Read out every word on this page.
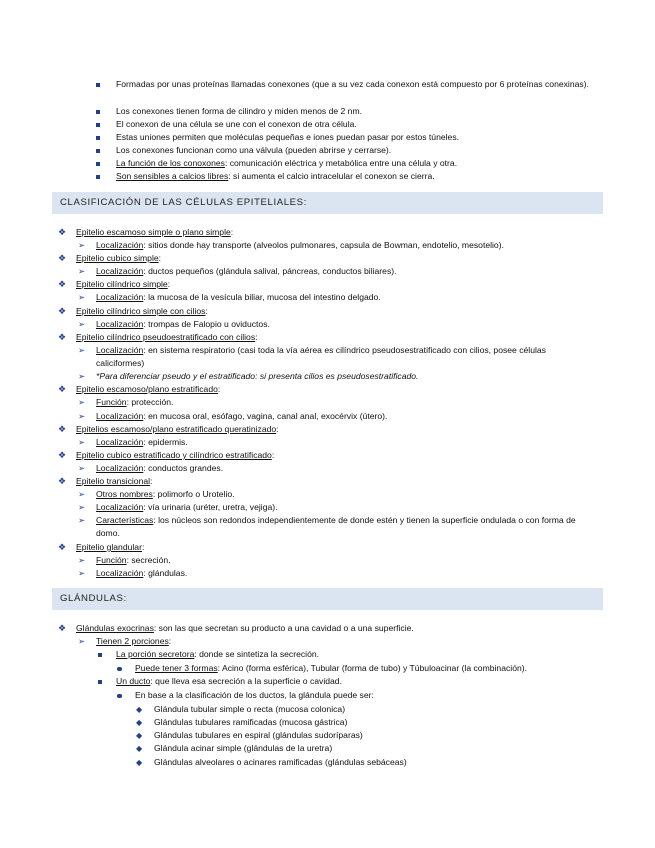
Formadas por unas proteínas llamadas conexones (que a su vez cada conexon está compuesto por 6 proteínas conexinas).
Los conexones tienen forma de cilindro y miden menos de 2 nm.
El conexon de una célula se une con el conexon de otra célula.
Estas uniones permiten que moléculas pequeñas e iones puedan pasar por estos túneles.
Los conexones funcionan como una válvula (pueden abrirse y cerrarse).
La función de los conoxones: comunicación eléctrica y metabólica entre una célula y otra.
Son sensibles a calcios libres: si aumenta el calcio intracelular el conexon se cierra.
CLASIFICACIÓN DE LAS CÉLULAS EPITELIALES:
❖ Epitelio escamoso simple o plano simple:
➢ Localización: sitios donde hay transporte (alveolos pulmonares, capsula de Bowman, endotelio, mesotelio).
❖ Epitelio cubico simple:
➢ Localización: ductos pequeños (glándula salival, páncreas, conductos biliares).
❖ Epitelio cilíndrico simple:
➢ Localización: la mucosa de la vesícula biliar, mucosa del intestino delgado.
❖ Epitelio cilíndrico simple con cilios:
➢ Localización: trompas de Falopio u oviductos.
❖ Epitelio cilíndrico pseudoestratificado con cilios:
➢ Localización: en sistema respiratorio (casi toda la vía aérea es cilíndrico pseudosestratificado con cilios, posee células caliciformes)
➢ *Para diferenciar pseudo y el estratificado: si presenta cilios es pseudosestratificado.
❖ Epitelio escamoso/plano estratificado:
➢ Función: protección.
➢ Localización: en mucosa oral, esófago, vagina, canal anal, exocérvix (útero).
❖ Epitelios escamoso/plano estratificado queratinizado:
➢ Localización: epidermis.
❖ Epitelio cubico estratificado y cilíndrico estratificado:
➢ Localización: conductos grandes.
❖ Epitelio transicional:
➢ Otros nombres: polimorfo o Urotelio.
➢ Localización: vía urinaria (uréter, uretra, vejiga).
➢ Características: los núcleos son redondos independientemente de donde estén y tienen la superficie ondulada o con forma de domo.
❖ Epitelio glandular:
➢ Función: secreción.
➢ Localización: glándulas.
GLÁNDULAS:
❖ Glándulas exocrinas: son las que secretan su producto a una cavidad o a una superficie.
➢ Tienen 2 porciones:
La porción secretora: donde se sintetiza la secreción.
Puede tener 3 formas: Acino (forma esférica), Tubular (forma de tubo) y Túbuloacinar (la combinación).
Un ducto: que lleva esa secreción a la superficie o cavidad.
En base a la clasificación de los ductos, la glándula puede ser:
◆ Glándula tubular simple o recta (mucosa colonica)
◆ Glándulas tubulares ramificadas (mucosa gástrica)
◆ Glándulas tubulares en espiral (glándulas sudoríparas)
◆ Glándula acinar simple (glándulas de la uretra)
◆ Glándulas alveolares o acinares ramificadas (glándulas sebáceas)
